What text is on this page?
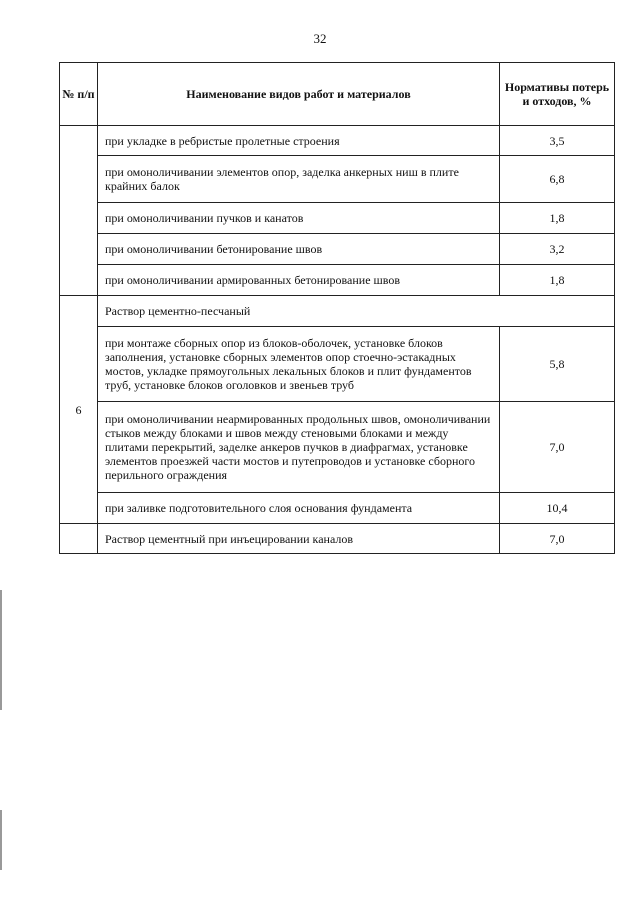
32
№ п/п	Наименование видов работ и материалов	Нормативы потерь и отходов, %
	при укладке в ребристые пролетные строения	3,5
	при омоноличивании элементов опор, заделка анкерных ниш в плите крайних балок	6,8
	при омоноличивании пучков и канатов	1,8
	при омоноличивании бетонирование швов	3,2
	при омоноличивании армированных бетонирование швов	1,8
6	Раствор цементно-песчаный	
	при монтаже сборных опор из блоков-оболочек, установке блоков заполнения, установке сборных элементов опор стоечно-эстакадных мостов, укладке прямоугольных лекальных блоков и плит фундаментов труб, установке блоков оголовков и звеньев труб	5,8
	при омоноличивании неармированных продольных швов, омоноличивании стыков между блоками и швов между стеновыми блоками и между плитами перекрытий, заделке анкеров пучков в диафрагмах, установке элементов проезжей части мостов и путепроводов и установке сборного перильного ограждения	7,0
	при заливке подготовительного слоя основания фундамента	10,4
	Раствор цементный при инъецировании каналов	7,0
